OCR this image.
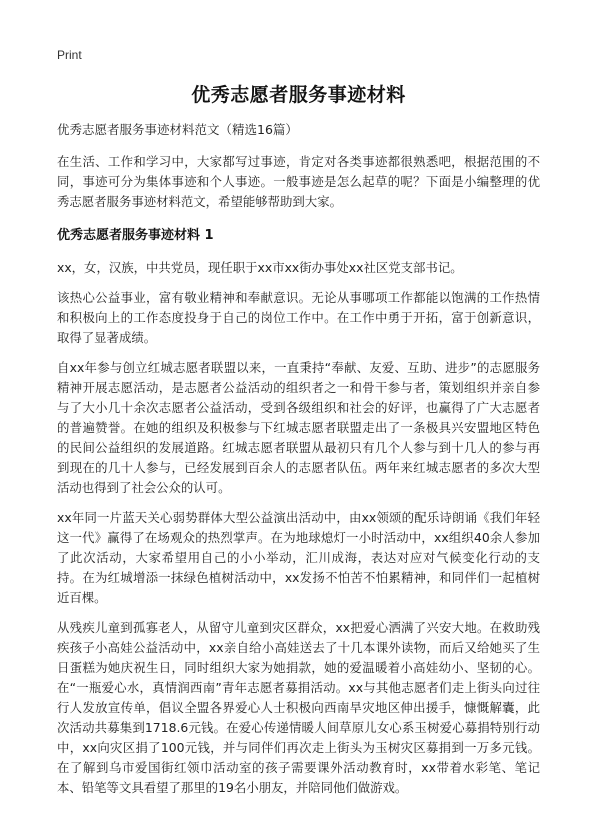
Print
优秀志愿者服务事迹材料

优秀志愿者服务事迹材料范文（精选16篇）

在生活、工作和学习中，大家都写过事迹，肯定对各类事迹都很熟悉吧，根据范围的不同，事迹可分为集体事迹和个人事迹。一般事迹是怎么起草的呢？下面是小编整理的优秀志愿者服务事迹材料范文，希望能够帮助到大家。

优秀志愿者服务事迹材料 1

xx，女，汉族，中共党员，现任职于xx市xx街办事处xx社区党支部书记。

该热心公益事业，富有敬业精神和奉献意识。无论从事哪项工作都能以饱满的工作热情和积极向上的工作态度投身于自己的岗位工作中。在工作中勇于开拓，富于创新意识，取得了显著成绩。

自xx年参与创立红城志愿者联盟以来，一直秉持“奉献、友爱、互助、进步”的志愿服务精神开展志愿活动，是志愿者公益活动的组织者之一和骨干参与者，策划组织并亲自参与了大小几十余次志愿者公益活动，受到各级组织和社会的好评，也赢得了广大志愿者的普遍赞誉。在她的组织及积极参与下红城志愿者联盟走出了一条极具兴安盟地区特色的民间公益组织的发展道路。红城志愿者联盟从最初只有几个人参与到十几人的参与再到现在的几十人参与，已经发展到百余人的志愿者队伍。两年来红城志愿者的多次大型活动也得到了社会公众的认可。

xx年同一片蓝天关心弱势群体大型公益演出活动中，由xx领颂的配乐诗朗诵《我们年轻这一代》赢得了在场观众的热烈掌声。在为地球熄灯一小时活动中，xx组织40余人参加了此次活动，大家希望用自己的小小举动，汇川成海，表达对应对气候变化行动的支持。在为红城增添一抹绿色植树活动中，xx发扬不怕苦不怕累精神，和同伴们一起植树近百棵。

从残疾儿童到孤寡老人，从留守儿童到灾区群众，xx把爱心洒满了兴安大地。在救助残疾孩子小高娃公益活动中，xx亲自给小高娃送去了十几本课外读物，而后又给她买了生日蛋糕为她庆祝生日，同时组织大家为她捐款，她的爱温暖着小高娃幼小、坚韧的心。在“一瓶爱心水，真情润西南”青年志愿者募捐活动。xx与其他志愿者们走上街头向过往行人发放宣传单，倡议全盟各界爱心人士积极向西南旱灾地区伸出援手，慷慨解囊，此次活动共募集到1718.6元钱。在爱心传递情暖人间草原儿女心系玉树爱心募捐特别行动中，xx向灾区捐了100元钱，并与同伴们再次走上街头为玉树灾区募捐到一万多元钱。在了解到乌市爱国街红领巾活动室的孩子需要课外活动教育时，xx带着水彩笔、笔记本、铅笔等文具看望了那里的19名小朋友，并陪同他们做游戏。
